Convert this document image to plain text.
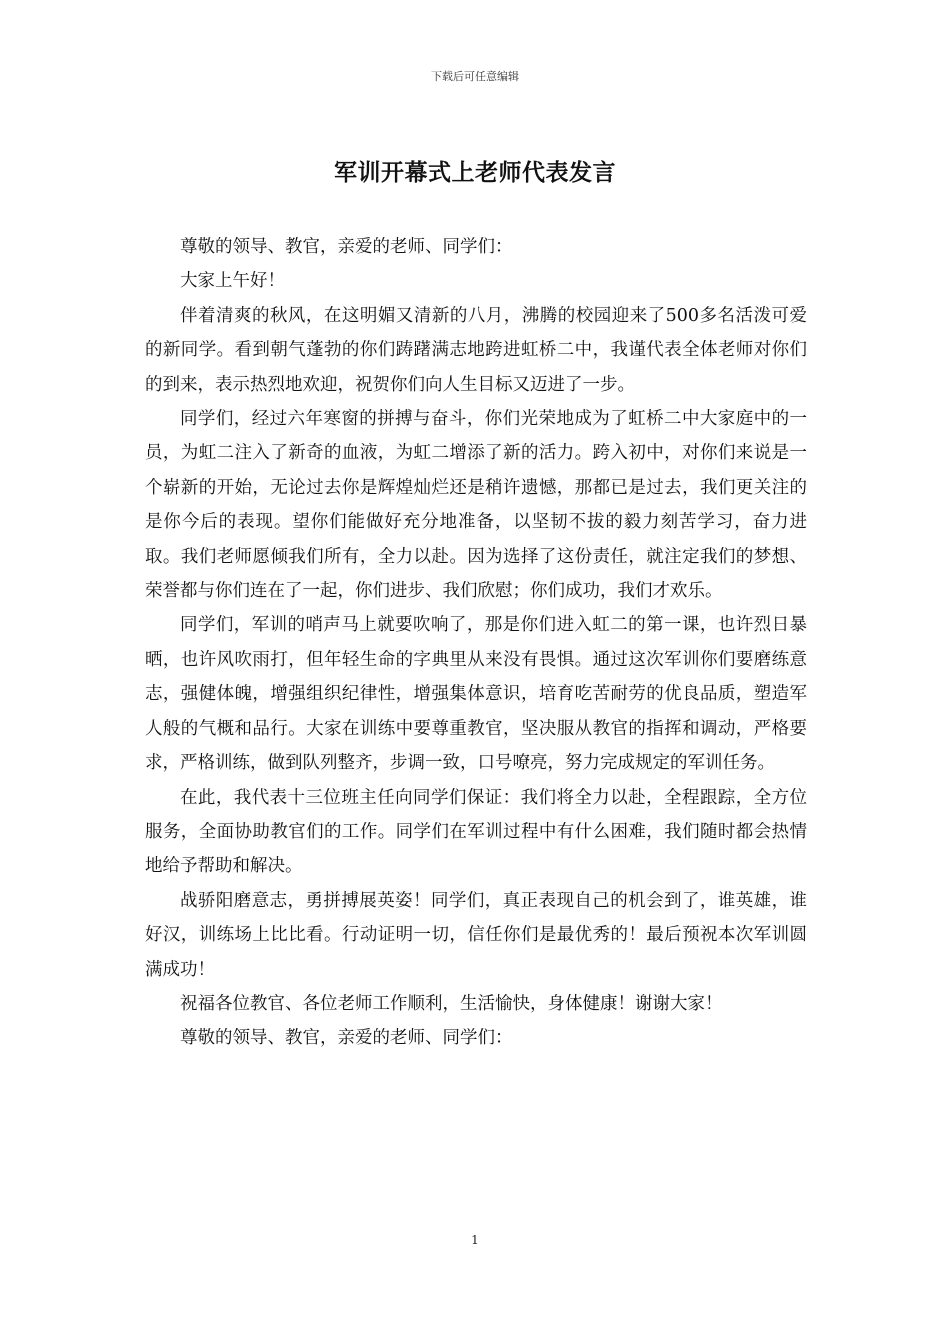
下载后可任意编辑
军训开幕式上老师代表发言

尊敬的领导、教官，亲爱的老师、同学们：

大家上午好！

伴着清爽的秋风，在这明媚又清新的八月，沸腾的校园迎来了500多名活泼可爱的新同学。看到朝气蓬勃的你们踌躇满志地跨进虹桥二中，我谨代表全体老师对你们的到来，表示热烈地欢迎，祝贺你们向人生目标又迈进了一步。

同学们，经过六年寒窗的拼搏与奋斗，你们光荣地成为了虹桥二中大家庭中的一员，为虹二注入了新奇的血液，为虹二增添了新的活力。跨入初中，对你们来说是一个崭新的开始，无论过去你是辉煌灿烂还是稍许遗憾，那都已是过去，我们更关注的是你今后的表现。望你们能做好充分地准备，以坚韧不拔的毅力刻苦学习，奋力进取。我们老师愿倾我们所有，全力以赴。因为选择了这份责任，就注定我们的梦想、荣誉都与你们连在了一起，你们进步、我们欣慰；你们成功，我们才欢乐。

同学们，军训的哨声马上就要吹响了，那是你们进入虹二的第一课，也许烈日暴晒，也许风吹雨打，但年轻生命的字典里从来没有畏惧。通过这次军训你们要磨练意志，强健体魄，增强组织纪律性，增强集体意识，培育吃苦耐劳的优良品质，塑造军人般的气概和品行。大家在训练中要尊重教官，坚决服从教官的指挥和调动，严格要求，严格训练，做到队列整齐，步调一致，口号嘹亮，努力完成规定的军训任务。

在此，我代表十三位班主任向同学们保证：我们将全力以赴，全程跟踪，全方位服务，全面协助教官们的工作。同学们在军训过程中有什么困难，我们随时都会热情地给予帮助和解决。

战骄阳磨意志，勇拼搏展英姿！同学们，真正表现自己的机会到了，谁英雄，谁好汉，训练场上比比看。行动证明一切，信任你们是最优秀的！最后预祝本次军训圆满成功！

祝福各位教官、各位老师工作顺利，生活愉快，身体健康！谢谢大家！

尊敬的领导、教官，亲爱的老师、同学们：

1
